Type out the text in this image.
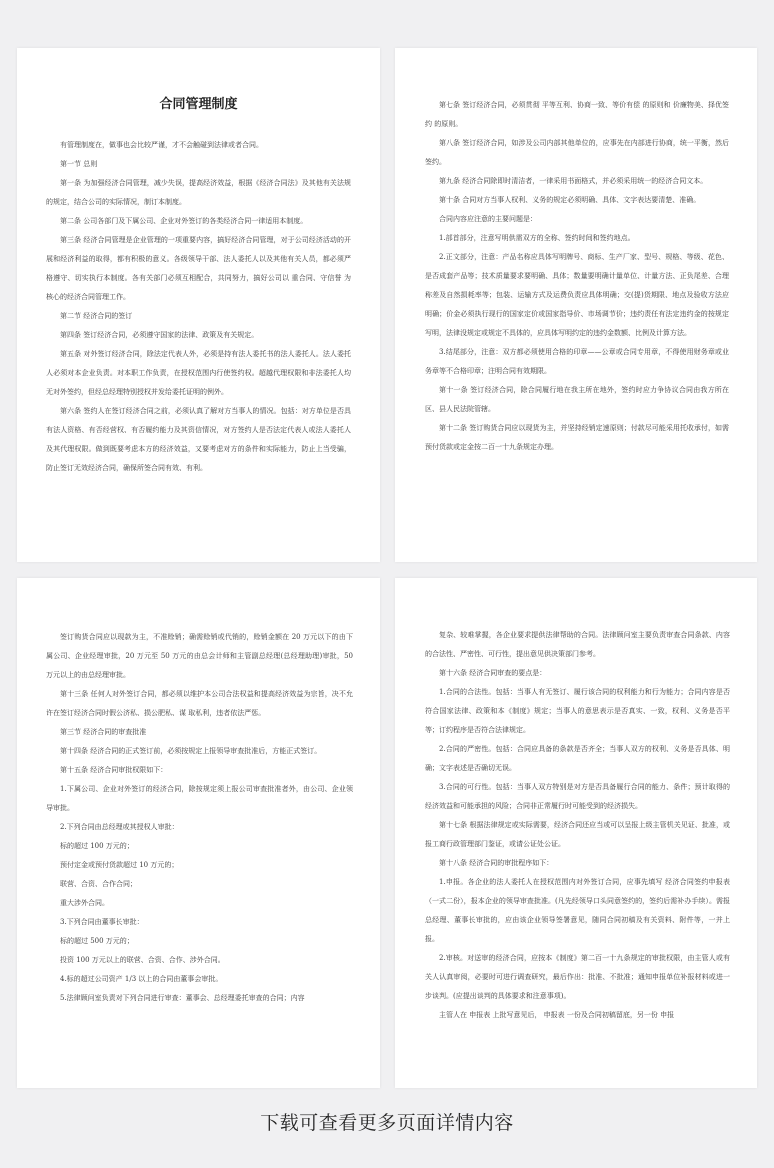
合同管理制度

有管理制度在，做事也会比较严谨，才不会触碰到法律或者合同。

第一节 总则

第一条 为加强经济合同管理，减少失误，提高经济效益，根据《经济合同法》及其他有关法规的规定，结合公司的实际情况，制订本制度。

第二条 公司各部门及下属公司、企业对外签订的各类经济合同一律适用本制度。

第三条 经济合同管理是企业管理的一项重要内容，搞好经济合同管理，对于公司经济活动的开展和经济利益的取得，都有积极的意义。各级领导干部、法人委托人以及其他有关人员，都必须严格遵守、切实执行本制度。各有关部门必须互相配合，共同努力，搞好公司以 重合同、守信誉 为核心的经济合同管理工作。

第二节 经济合同的签订

第四条 签订经济合同，必须遵守国家的法律、政策及有关规定。

第五条 对外签订经济合同，除法定代表人外，必须是持有法人委托书的法人委托人。法人委托人必须对本企业负责。对本职工作负责，在授权范围内行使签约权。超越代理权限和非法委托人均无对外签约，但经总经理特别授权并发给委托证明的例外。

第六条 签约人在签订经济合同之前，必须认真了解对方当事人的情况。包括：对方单位是否具有法人资格、有否经营权、有否履约能力及其资信情况，对方签约人是否法定代表人或法人委托人及其代理权限。做到既要考虑本方的经济效益，又要考虑对方的条件和实际能力，防止上当受骗，防止签订无效经济合同，确保所签合同有效、有利。

第七条 签订经济合同，必须贯彻 平等互利、协商一致、等价有偿 的原则和 价廉物美、择优签约 的原则。

第八条 签订经济合同，如涉及公司内部其他单位的，应事先在内部进行协商，统一平衡，然后签约。

第九条 经济合同除即时清洁者，一律采用书面格式，并必须采用统一的经济合同文本。

第十条 合同对方当事人权利、义务的规定必须明确、具体、文字表达要清楚、准确。

合同内容应注意的主要问题是：

1.部首部分，注意写明供需双方的全称、签约时间和签约地点。

2.正文部分，注意：产品名称应具体写明牌号、商标、生产厂家、型号、规格、等级、花色、是否成套产品等；技术质量要求要明确、具体；数量要明确计量单位、计量方法、正负尾差、合理称差及自然损耗率等；包装、运输方式及运费负责应具体明确；交(提)货期限、地点及验收方法应明确；价金必须执行现行的国家定价或国家指导价、市场调节价；违约责任有法定违约金的按规定写明，法律没规定或规定不具体的，应具体写明约定的违约金数额、比例及计算方法。

3.结尾部分，注意：双方都必须使用合格的印章——公章或合同专用章，不得使用财务章或业务章等不合格印章；注明合同有效期限。

第十一条 签订经济合同，除合同履行地在我主所在地外，签约时应力争协议合同由我方所在区、县人民法院管辖。

第十二条 签订购货合同应以现货为主，并坚持经销定速原则；付款尽可能采用托收承付，如需预付货款或定金按二百一十九条规定办理。

签订购货合同应以现款为主，不准赊销；确需赊销或代销的，赊销金额在 20 万元以下的由下属公司、企业经理审批，20 万元至 50 万元的由总会计师和主管副总经理(总经理助理)审批，50 万元以上的由总经理审批。

第十三条 任何人对外签订合同，都必须以维护本公司合法权益和提高经济效益为宗旨，决不允许在签订经济合同时假公济私、损公肥私、谋 取私利，违者依法严惩。

第三节 经济合同的审查批准

第十四条 经济合同的正式签订前，必须按规定上报领导审查批准后，方能正式签订。

第十五条 经济合同审批权限如下：

1.下属公司、企业对外签订的经济合同，除按规定须上报公司审查批准者外，由公司、企业领导审批。

2.下列合同由总经理或其授权人审批：

标的超过 100 万元的；

预付定金或预付货款超过 10 万元的；

联营、合资、合作合同；

重大涉外合同。

3.下列合同由董事长审批：

标的超过 500 万元的；

投资 100 万元以上的联营、合资、合作、涉外合同。

4.标的超过公司资产 1/3 以上的合同由董事会审批。

5.法律顾问室负责对下列合同进行审查：董事会、总经理委托审查的合同；内容

复杂、较难掌握，各企业要求提供法律帮助的合同。法律顾问室主要负责审查合同条款、内容的合法性、严密性、可行性，提出意见供决策部门参考。

第十六条 经济合同审查的要点是：

1.合同的合法性。包括：当事人有无签订、履行该合同的权利能力和行为能力；合同内容是否符合国家法律、政策和本《制度》规定；当事人的意思表示是否真实、一致，权利、义务是否平等；订约程序是否符合法律规定。

2.合同的严密性。包括：合同应具备的条款是否齐全；当事人双方的权利、义务是否具体、明确；文字表述是否确切无误。

3.合同的可行性。包括：当事人双方特别是对方是否具备履行合同的能力、条件；预计取得的经济效益和可能承担的风险；合同非正常履行时可能受到的经济损失。

第十七条 根据法律规定或实际需要，经济合同还应当或可以呈报上级主管机关见证、批准，或报工商行政管理部门鉴证，或请公证处公证。

第十八条 经济合同的审批程序如下：

1.申报。各企业的法人委托人在授权范围内对外签订合同，应事先填写 经济合同签约申报表（一式二份），报本企业的领导审查批准。(凡先经领导口头同意签约的，签约后需补办手续）。需报总经理、董事长审批的，应由该企业领导签署意见，随同合同初稿及有关资料、附件等，一并上报。

2.审核。对送审的经济合同，应按本《制度》第二百一十九条规定的审批权限，由主管人或有关人认真审阅，必要时可进行调查研究，最后作出：批准、不批准；通知申报单位补报材料或进一步谈判。(应提出谈判的具体要求和注意事项)。

主管人在 申报表 上批写意见后， 申报表 一份及合同初稿留底，另一份 申报

下载可查看更多页面详情内容
